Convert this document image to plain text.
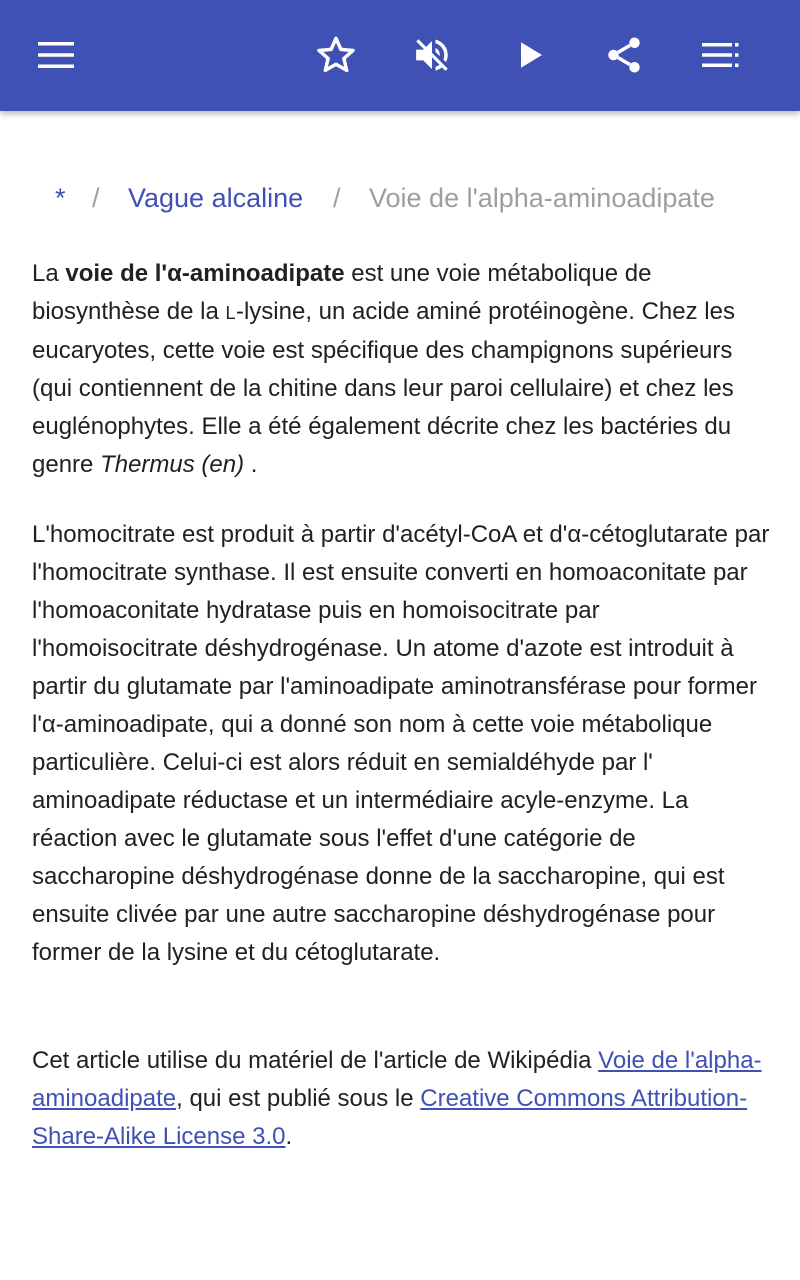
* / Vague alcaline / Voie de l'alpha-aminoadipate

La voie de l'α-aminoadipate est une voie métabolique de biosynthèse de la L-lysine, un acide aminé protéinogène. Chez les eucaryotes, cette voie est spécifique des champignons supérieurs (qui contiennent de la chitine dans leur paroi cellulaire) et chez les euglénophytes. Elle a été également décrite chez les bactéries du genre Thermus (en) .

L'homocitrate est produit à partir d'acétyl-CoA et d'α-cétoglutarate par l'homocitrate synthase. Il est ensuite converti en homoaconitate par l'homoaconitate hydratase puis en homoisocitrate par l'homoisocitrate déshydrogénase. Un atome d'azote est introduit à partir du glutamate par l'aminoadipate aminotransférase pour former l'α-aminoadipate, qui a donné son nom à cette voie métabolique particulière. Celui-ci est alors réduit en semialdéhyde par l' aminoadipate réductase et un intermédiaire acyle-enzyme. La réaction avec le glutamate sous l'effet d'une catégorie de saccharopine déshydrogénase donne de la saccharopine, qui est ensuite clivée par une autre saccharopine déshydrogénase pour former de la lysine et du cétoglutarate.

Cet article utilise du matériel de l'article de Wikipédia Voie de l'alpha-aminoadipate, qui est publié sous le Creative Commons Attribution-Share-Alike License 3.0.
